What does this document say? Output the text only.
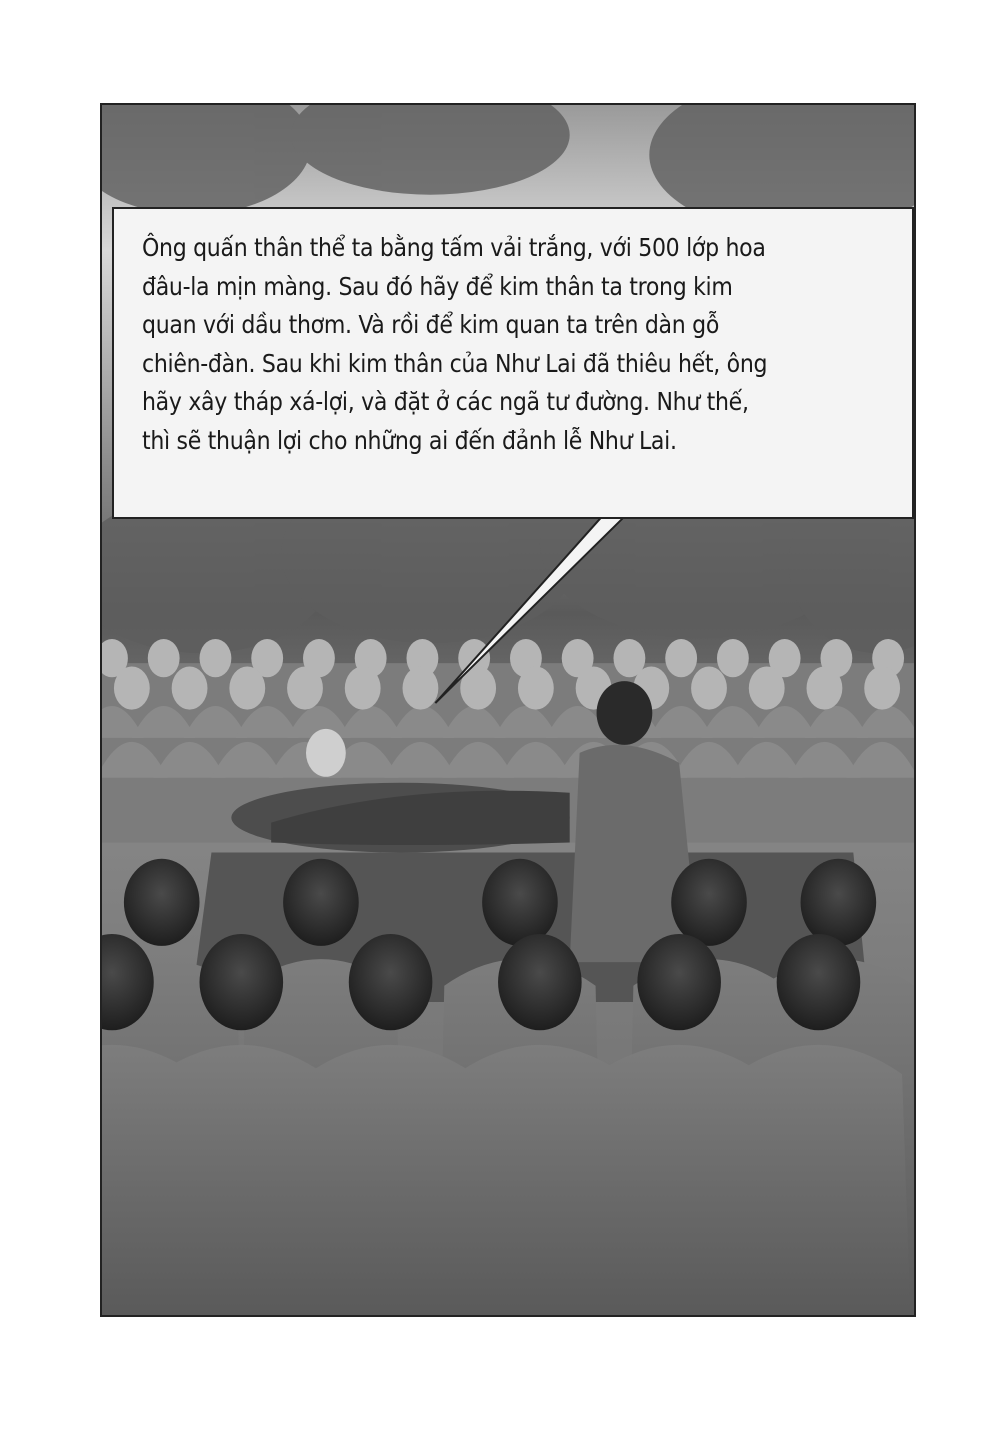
Ông quấn thân thể ta bằng tấm vải trắng, với 500 lớp hoa

đâu-la mịn màng. Sau đó hãy để kim thân ta trong kim

quan với dầu thơm. Và rồi để kim quan ta trên dàn gỗ

chiên-đàn. Sau khi kim thân của Như Lai đã thiêu hết, ông

hãy xây tháp xá-lợi, và đặt ở các ngã tư đường. Như thế,

thì sẽ thuận lợi cho những ai đến đảnh lễ Như Lai.
